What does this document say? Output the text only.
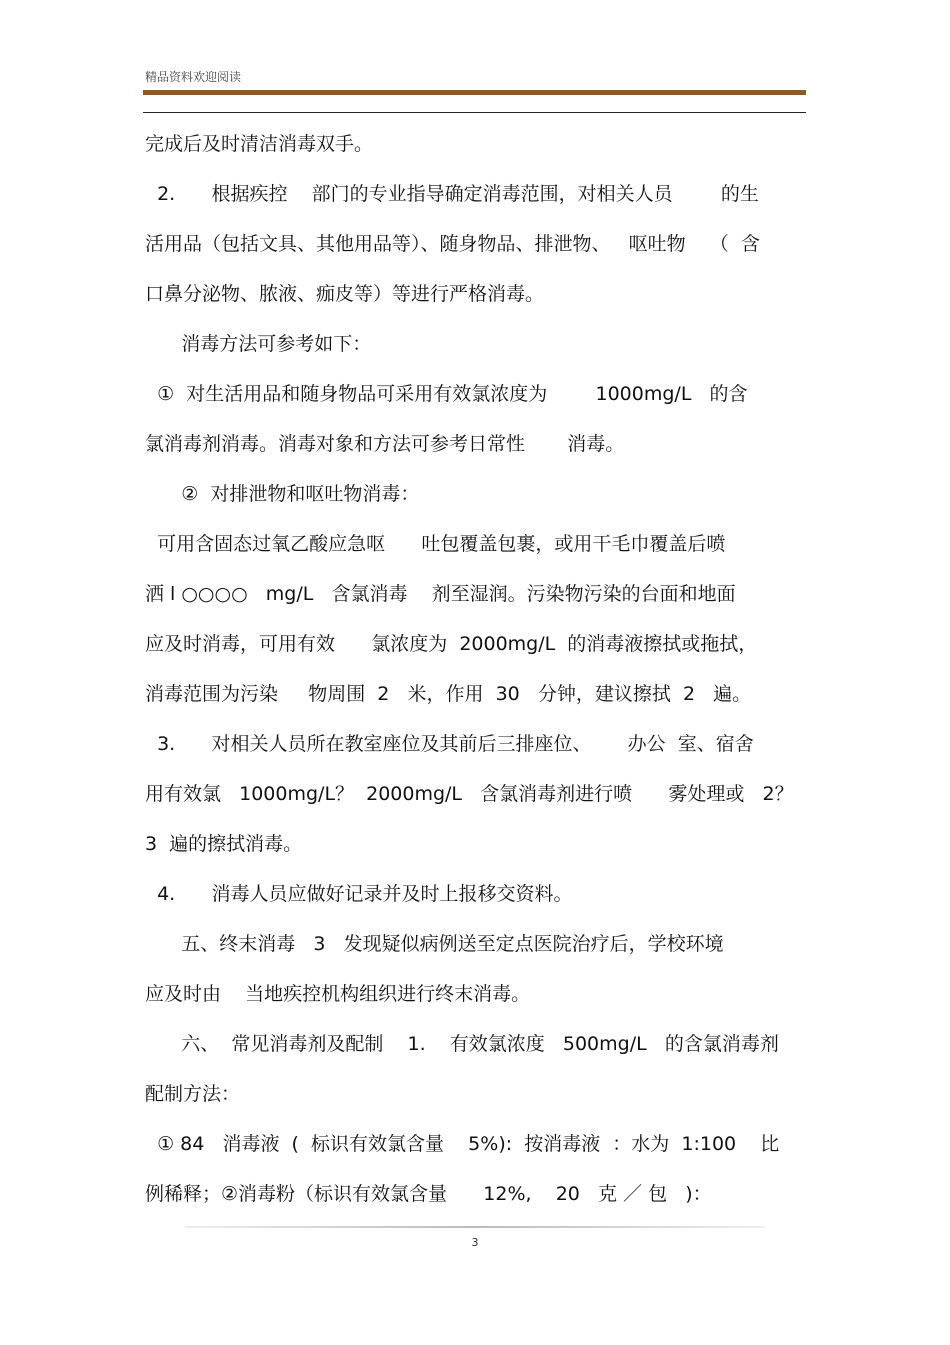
精品资料欢迎阅读
完成后及时清洁消毒双手。
2.      根据疾控    部门的专业指导确定消毒范围，对相关人员        的生
活用品（包括文具、其他用品等）、随身物品、排泄物、   呕吐物    （  含
口鼻分泌物、脓液、痂皮等）等进行严格消毒。
消毒方法可参考如下：
①  对生活用品和随身物品可采用有效氯浓度为        1000mg/L   的含
氯消毒剂消毒。消毒对象和方法可参考日常性       消毒。
②  对排泄物和呕吐物消毒：
可用含固态过氧乙酸应急呕      吐包覆盖包裹，或用干毛巾覆盖后喷
洒 l ○○○○   mg/L   含氯消毒    剂至湿润。污染物污染的台面和地面
应及时消毒，可用有效      氯浓度为  2000mg/L  的消毒液擦拭或拖拭，
消毒范围为污染     物周围  2   米，作用  30   分钟，建议擦拭  2   遍。
3.      对相关人员所在教室座位及其前后三排座位、      办公  室、宿舍
用有效氯   1000mg/L？  2000mg/L   含氯消毒剂进行喷      雾处理或   2？
3  遍的擦拭消毒。
4.      消毒人员应做好记录并及时上报移交资料。
五、终末消毒   3   发现疑似病例送至定点医院治疗后，学校环境
应及时由    当地疾控机构组织进行终末消毒。
六、  常见消毒剂及配制    1.    有效氯浓度   500mg/L   的含氯消毒剂
配制方法：
① 84   消毒液  (  标识有效氯含量    5%):  按消毒液  ：水为  1:100    比
例稀释；②消毒粉（标识有效氯含量      12%,    20   克 ／ 包   )：
3
